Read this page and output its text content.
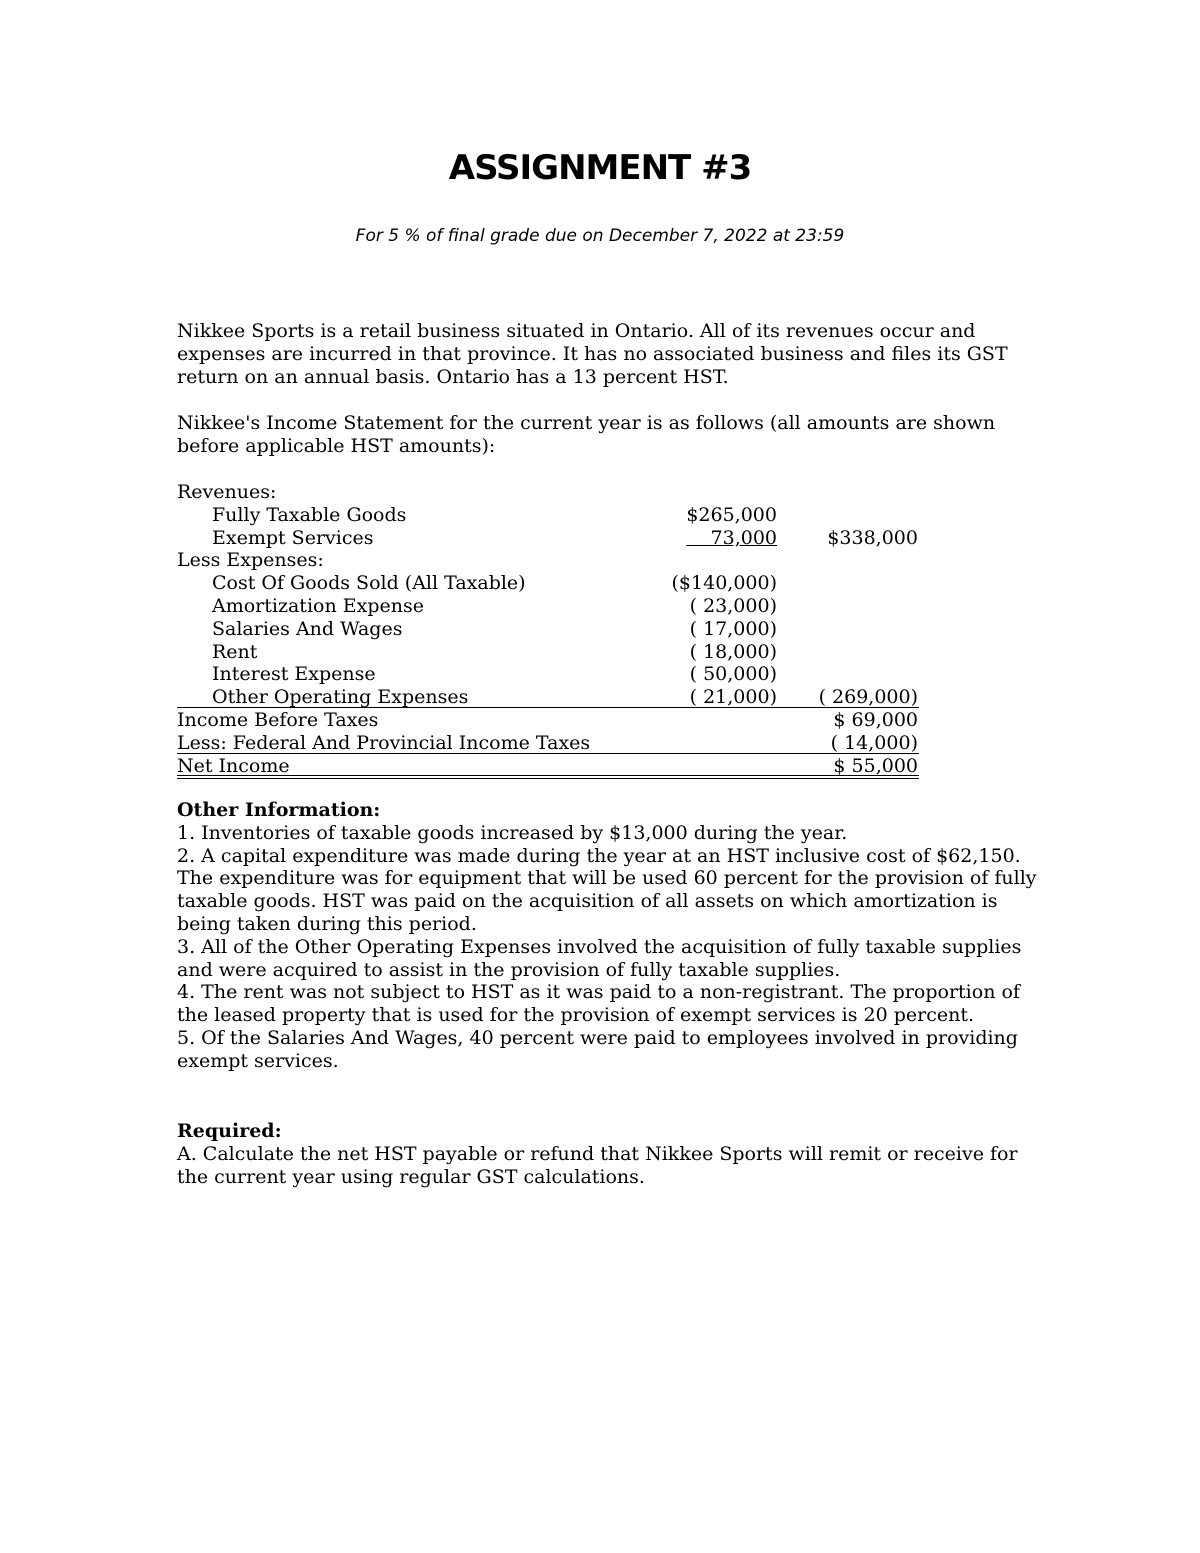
ASSIGNMENT #3

For 5 % of final grade due on December 7, 2022 at 23:59

Nikkee Sports is a retail business situated in Ontario. All of its revenues occur and expenses are incurred in that province. It has no associated business and files its GST return on an annual basis. Ontario has a 13 percent HST.

Nikkee's Income Statement for the current year is as follows (all amounts are shown before applicable HST amounts):

Revenues:
Fully Taxable Goods	$265,000
Exempt Services	73,000	$338,000
Less Expenses:
Cost Of Goods Sold (All Taxable)	($140,000)
Amortization Expense	( 23,000)
Salaries And Wages	( 17,000)
Rent	( 18,000)
Interest Expense	( 50,000)
Other Operating Expenses	( 21,000) ( 269,000)
Income Before Taxes	$ 69,000
Less: Federal And Provincial Income Taxes	( 14,000)
Net Income	$ 55,000

Other Information:

1. Inventories of taxable goods increased by $13,000 during the year.

2. A capital expenditure was made during the year at an HST inclusive cost of $62,150. The expenditure was for equipment that will be used 60 percent for the provision of fully taxable goods. HST was paid on the acquisition of all assets on which amortization is being taken during this period.

3. All of the Other Operating Expenses involved the acquisition of fully taxable supplies and were acquired to assist in the provision of fully taxable supplies.

4. The rent was not subject to HST as it was paid to a non-registrant. The proportion of the leased property that is used for the provision of exempt services is 20 percent.

5. Of the Salaries And Wages, 40 percent were paid to employees involved in providing exempt services.

Required:

A. Calculate the net HST payable or refund that Nikkee Sports will remit or receive for the current year using regular GST calculations.
